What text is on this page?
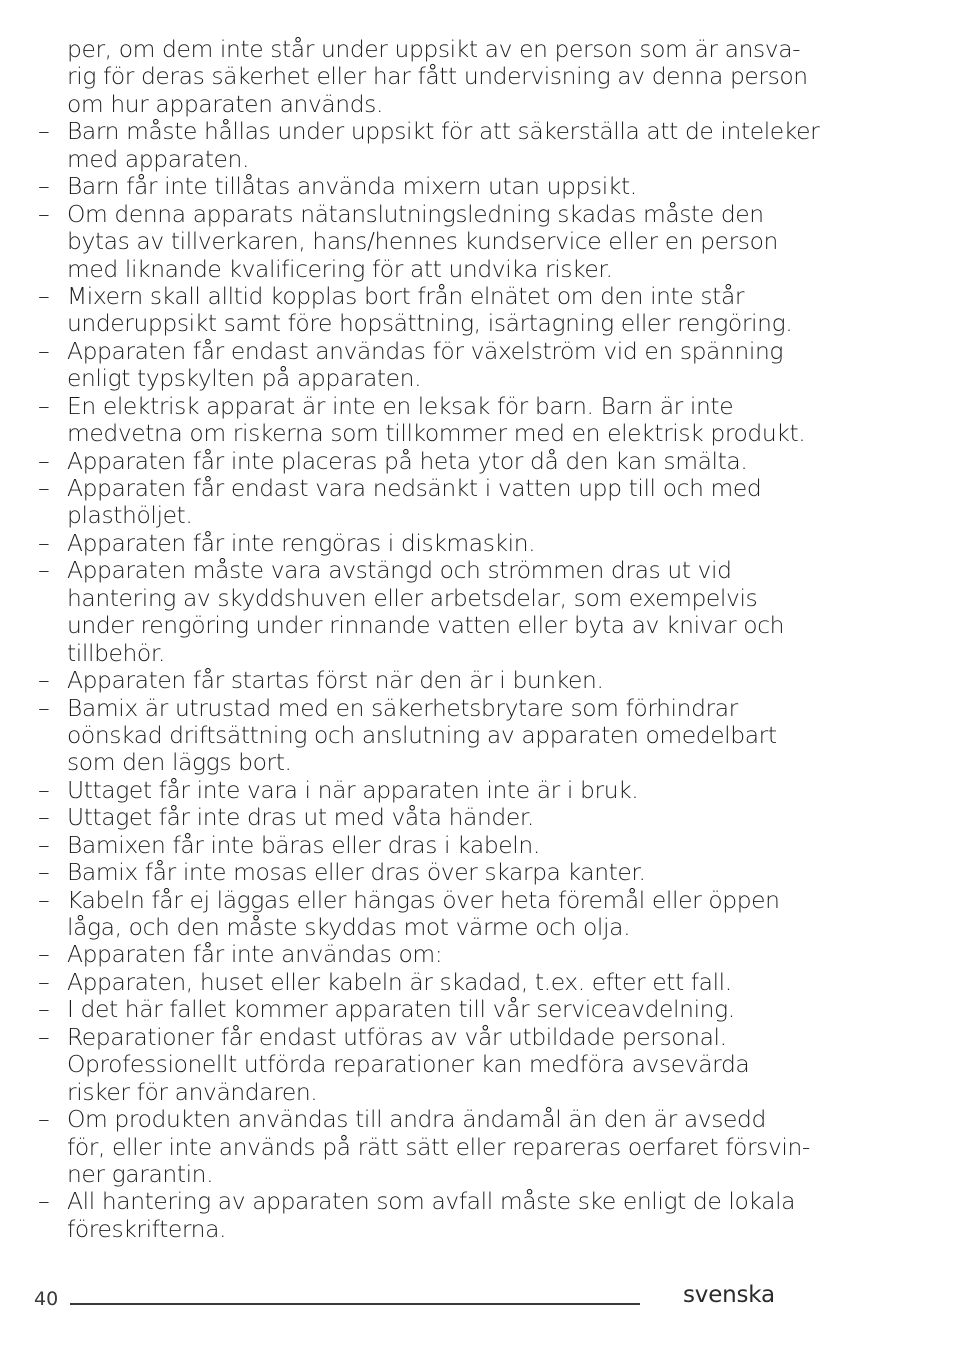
per, om dem inte står under uppsikt av en person som är ansva-
rig för deras säkerhet eller har fått undervisning av denna person
om hur apparaten används.
– Barn måste hållas under uppsikt för att säkerställa att de inteleker
med apparaten.
– Barn får inte tillåtas använda mixern utan uppsikt.
– Om denna apparats nätanslutningsledning skadas måste den
bytas av tillverkaren, hans/hennes kundservice eller en person
med liknande kvalificering för att undvika risker.
– Mixern skall alltid kopplas bort från elnätet om den inte står
underuppsikt samt före hopsättning, isärtagning eller rengöring.
– Apparaten får endast användas för växelström vid en spänning
enligt typskylten på apparaten.
– En elektrisk apparat är inte en leksak för barn. Barn är inte
medvetna om riskerna som tillkommer med en elektrisk produkt.
– Apparaten får inte placeras på heta ytor då den kan smälta.
– Apparaten får endast vara nedsänkt i vatten upp till och med
plasthöljet.
– Apparaten får inte rengöras i diskmaskin.
– Apparaten måste vara avstängd och strömmen dras ut vid
hantering av skyddshuven eller arbetsdelar, som exempelvis
under rengöring under rinnande vatten eller byta av knivar och
tillbehör.
– Apparaten får startas först när den är i bunken.
– Bamix är utrustad med en säkerhetsbrytare som förhindrar
oönskad driftsättning och anslutning av apparaten omedelbart
som den läggs bort.
– Uttaget får inte vara i när apparaten inte är i bruk.
– Uttaget får inte dras ut med våta händer.
– Bamixen får inte bäras eller dras i kabeln.
– Bamix får inte mosas eller dras över skarpa kanter.
– Kabeln får ej läggas eller hängas över heta föremål eller öppen
låga, och den måste skyddas mot värme och olja.
– Apparaten får inte användas om:
– Apparaten, huset eller kabeln är skadad, t.ex. efter ett fall.
– I det här fallet kommer apparaten till vår serviceavdelning.
– Reparationer får endast utföras av vår utbildade personal.
Oprofessionellt utförda reparationer kan medföra avsevärda
risker för användaren.
– Om produkten användas till andra ändamål än den är avsedd
för, eller inte används på rätt sätt eller repareras oerfaret försvin-
ner garantin.
– All hantering av apparaten som avfall måste ske enligt de lokala
föreskrifterna.
40	svenska
